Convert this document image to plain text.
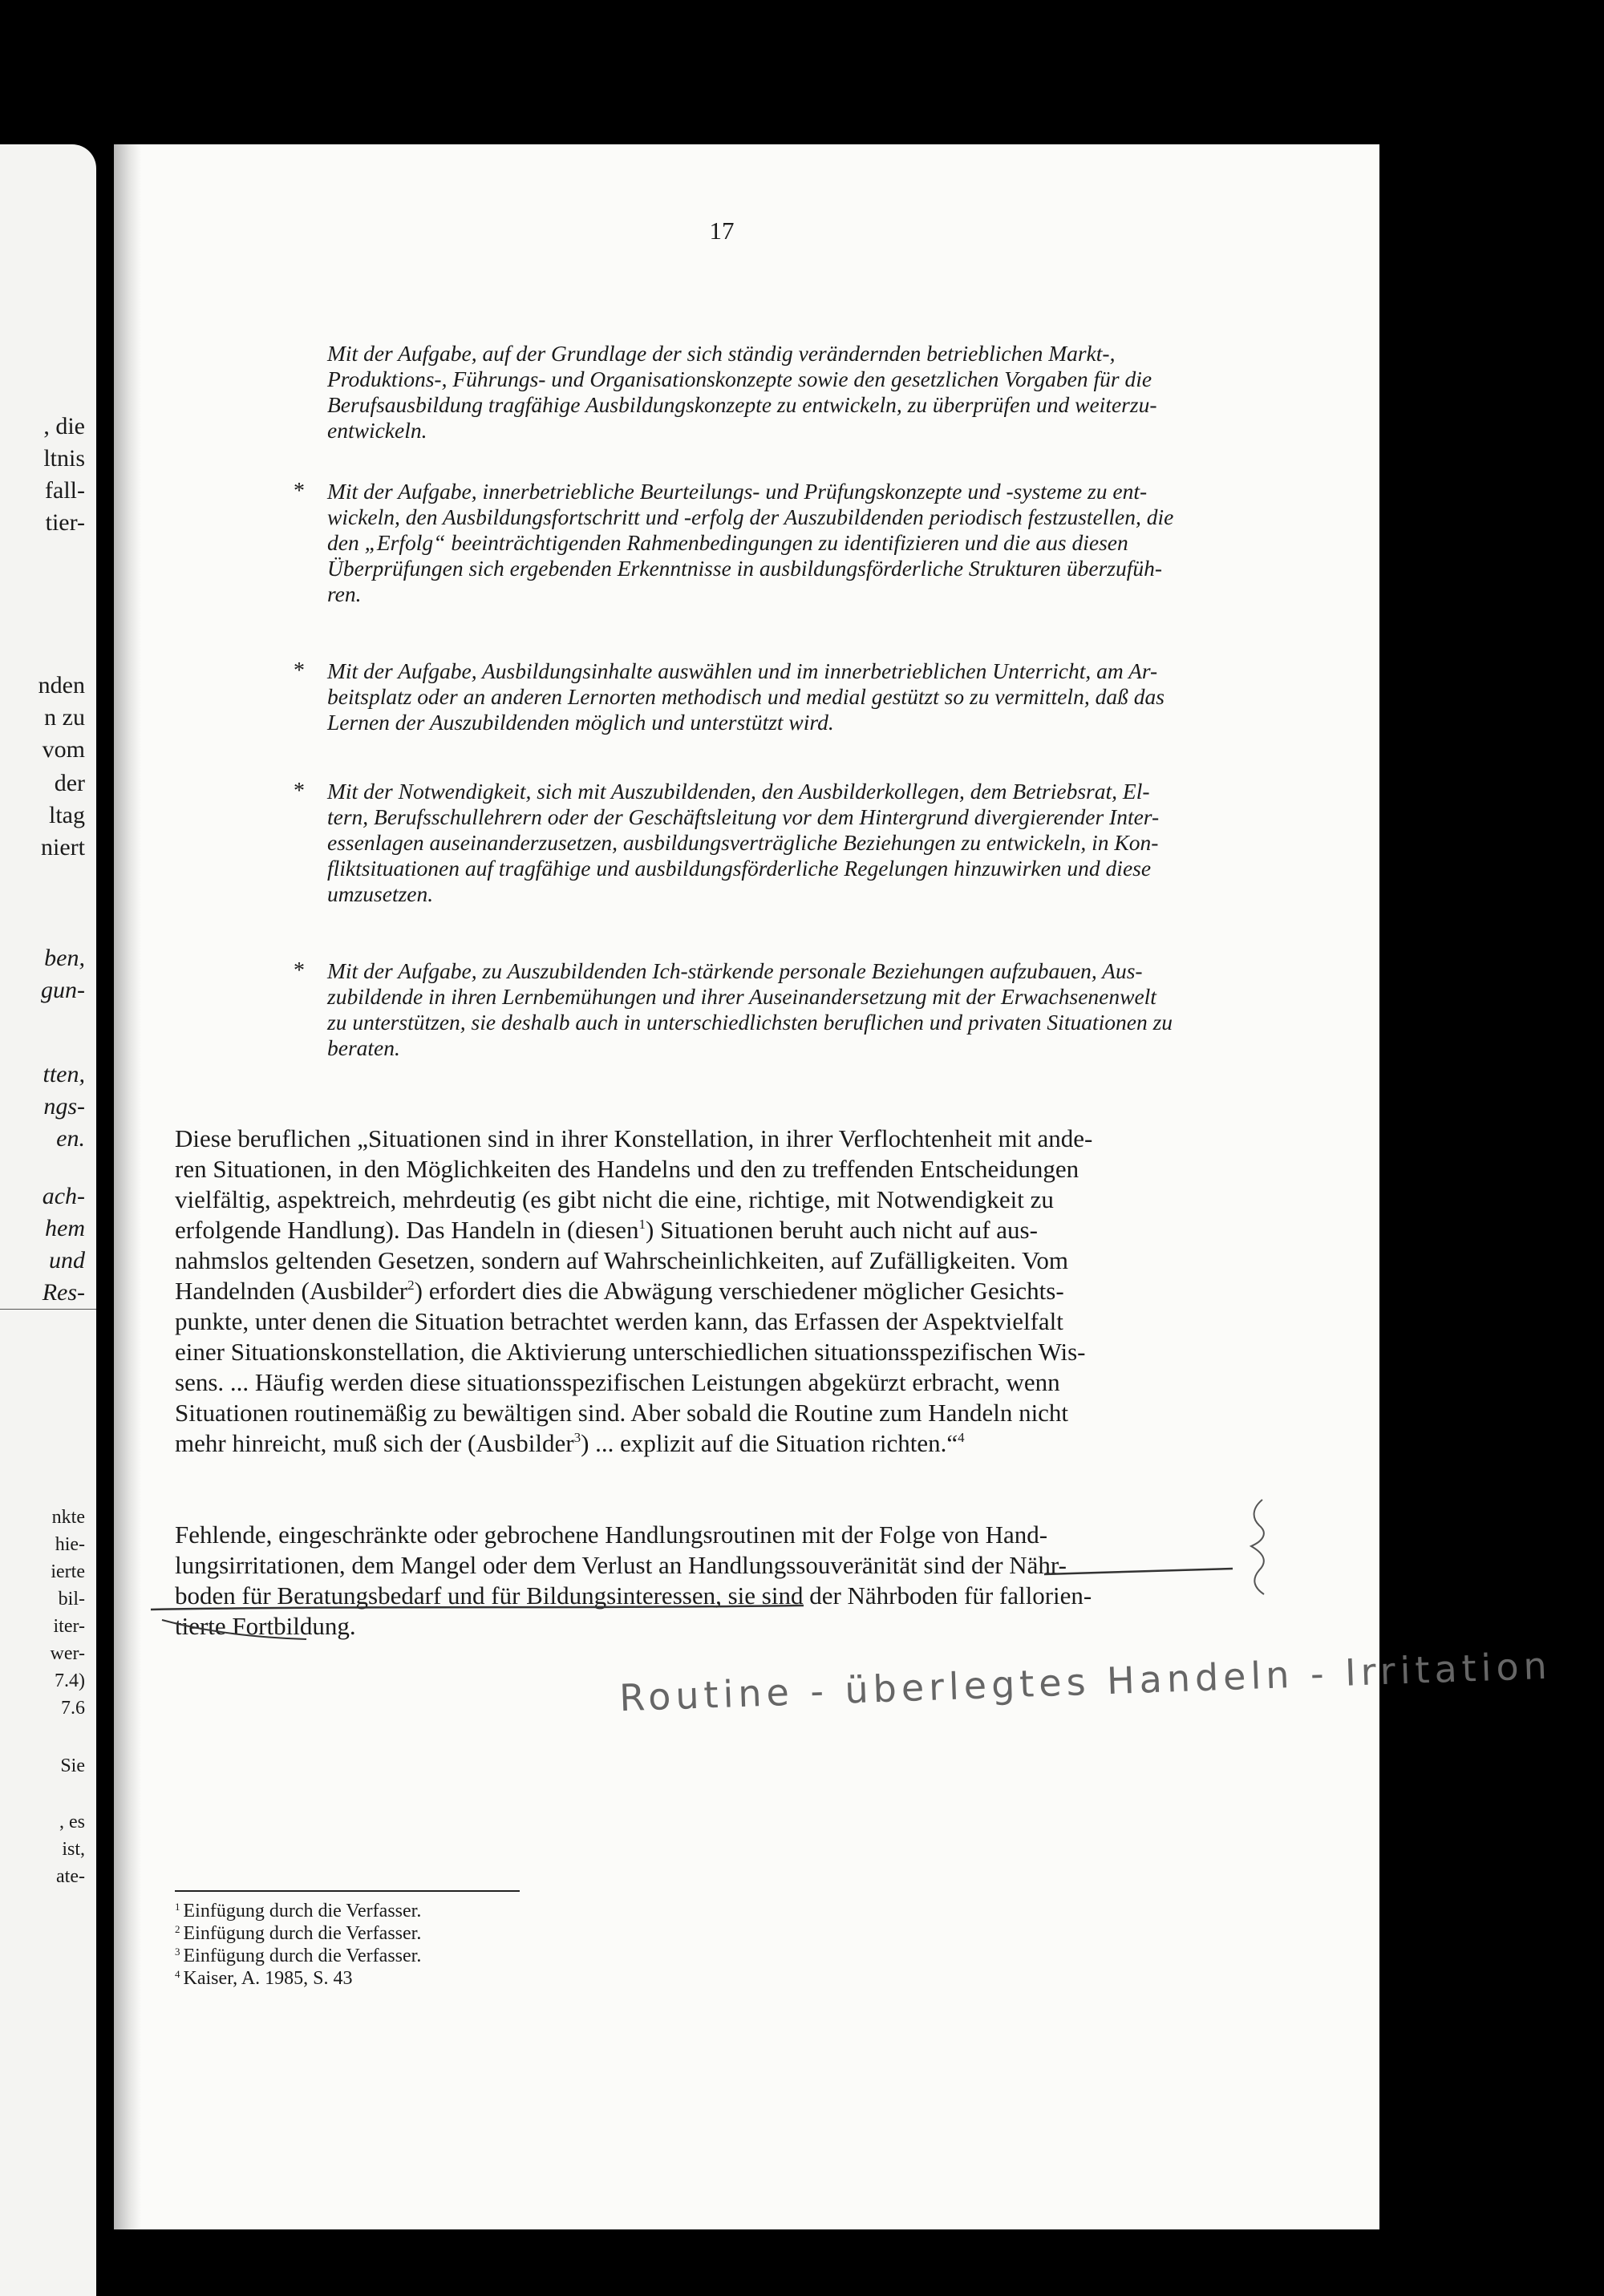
, die
ltnis
fall-
tier-
nden
n zu
vom
der
ltag
niert
ben,
gun-
tten,
ngs-
en.
ach-
hem
und
Res-
nkte
hie-
ierte
bil-
iter-
wer-
7.4)
7.6
Sie
, es
ist,
ate-
17
Mit der Aufgabe, auf der Grundlage der sich ständig verändernden betrieblichen Markt-,
Produktions-, Führungs- und Organisationskonzepte sowie den gesetzlichen Vorgaben für die
Berufsausbildung tragfähige Ausbildungskonzepte zu entwickeln, zu überprüfen und weiterzu-
entwickeln.
* Mit der Aufgabe, innerbetriebliche Beurteilungs- und Prüfungskonzepte und -systeme zu ent-
wickeln, den Ausbildungsfortschritt und -erfolg der Auszubildenden periodisch festzustellen, die
den „Erfolg“ beeinträchtigenden Rahmenbedingungen zu identifizieren und die aus diesen
Überprüfungen sich ergebenden Erkenntnisse in ausbildungsförderliche Strukturen überzufüh-
ren.
* Mit der Aufgabe, Ausbildungsinhalte auswählen und im innerbetrieblichen Unterricht, am Ar-
beitsplatz oder an anderen Lernorten methodisch und medial gestützt so zu vermitteln, daß das
Lernen der Auszubildenden möglich und unterstützt wird.
* Mit der Notwendigkeit, sich mit Auszubildenden, den Ausbilderkollegen, dem Betriebsrat, El-
tern, Berufsschullehrern oder der Geschäftsleitung vor dem Hintergrund divergierender Inter-
essenlagen auseinanderzusetzen, ausbildungsverträgliche Beziehungen zu entwickeln, in Kon-
fliktsituationen auf tragfähige und ausbildungsförderliche Regelungen hinzuwirken und diese
umzusetzen.
* Mit der Aufgabe, zu Auszubildenden Ich-stärkende personale Beziehungen aufzubauen, Aus-
zubildende in ihren Lernbemühungen und ihrer Auseinandersetzung mit der Erwachsenenwelt
zu unterstützen, sie deshalb auch in unterschiedlichsten beruflichen und privaten Situationen zu
beraten.
Diese beruflichen „Situationen sind in ihrer Konstellation, in ihrer Verflochtenheit mit ande-
ren Situationen, in den Möglichkeiten des Handelns und den zu treffenden Entscheidungen
vielfältig, aspektreich, mehrdeutig (es gibt nicht die eine, richtige, mit Notwendigkeit zu
erfolgende Handlung). Das Handeln in (diesen$^1$) Situationen beruht auch nicht auf aus-
nahmslos geltenden Gesetzen, sondern auf Wahrscheinlichkeiten, auf Zufälligkeiten. Vom
Handelnden (Ausbilder$^2$) erfordert dies die Abwägung verschiedener möglicher Gesichts-
punkte, unter denen die Situation betrachtet werden kann, das Erfassen der Aspektvielfalt
einer Situationskonstellation, die Aktivierung unterschiedlichen situationsspezifischen Wis-
sens. ... Häufig werden diese situationsspezifischen Leistungen abgekürzt erbracht, wenn
Situationen routinemäßig zu bewältigen sind. Aber sobald die Routine zum Handeln nicht
mehr hinreicht, muß sich der (Ausbilder$^3$) ... explizit auf die Situation richten.“$^4$
Fehlende, eingeschränkte oder gebrochene Handlungsroutinen mit der Folge von Hand-
lungsirritationen, dem Mangel oder dem Verlust an Handlungssouveränität sind der Nähr-
boden für Beratungsbedarf und für Bildungsinteressen, sie sind der Nährboden für fallorien-
tierte Fortbildung.
Routine - überlegtes Handeln - Irritation
$^1$ Einfügung durch die Verfasser.
$^2$ Einfügung durch die Verfasser.
$^3$ Einfügung durch die Verfasser.
$^4$ Kaiser, A. 1985, S. 43
